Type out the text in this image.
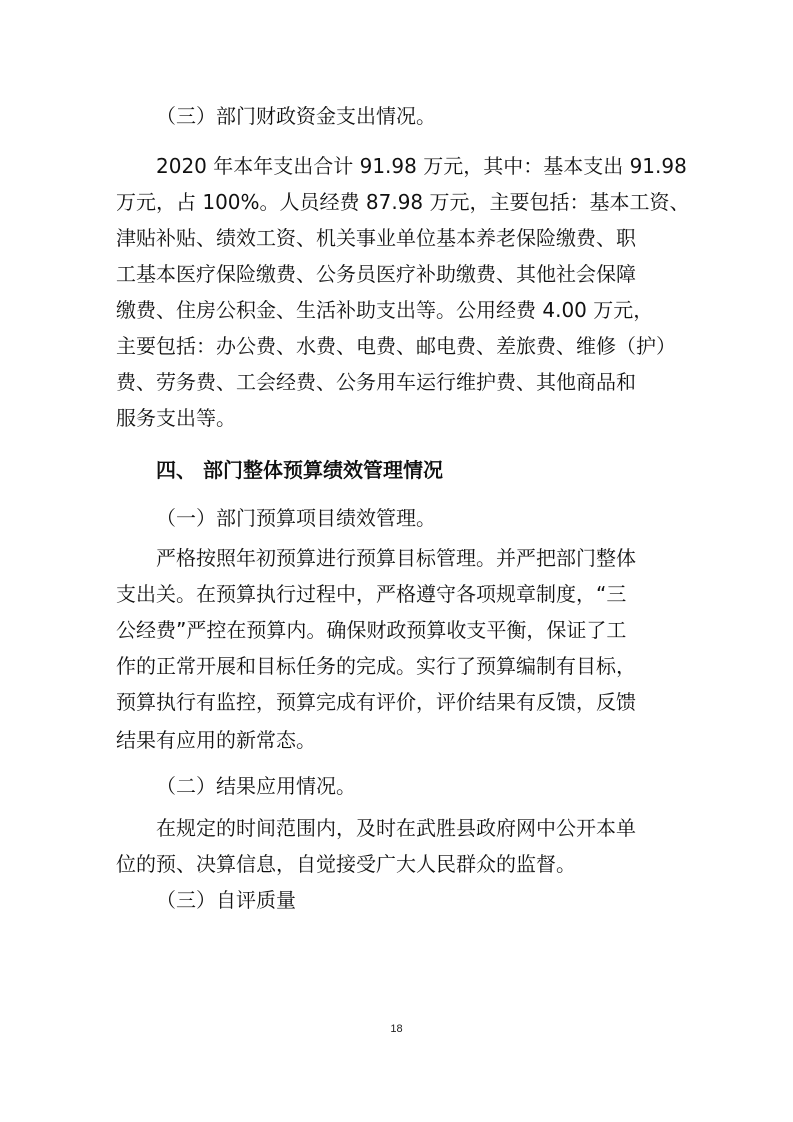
（三）部门财政资金支出情况。

2020 年本年支出合计 91.98 万元，其中：基本支出 91.98

万元，占 100%。人员经费 87.98 万元，主要包括：基本工资、

津贴补贴、绩效工资、机关事业单位基本养老保险缴费、职

工基本医疗保险缴费、公务员医疗补助缴费、其他社会保障

缴费、住房公积金、生活补助支出等。公用经费 4.00 万元，

主要包括：办公费、水费、电费、邮电费、差旅费、维修（护）

费、劳务费、工会经费、公务用车运行维护费、其他商品和

服务支出等。

四、 部门整体预算绩效管理情况

（一）部门预算项目绩效管理。

严格按照年初预算进行预算目标管理。并严把部门整体

支出关。在预算执行过程中，严格遵守各项规章制度，“三

公经费”严控在预算内。确保财政预算收支平衡，保证了工

作的正常开展和目标任务的完成。实行了预算编制有目标，

预算执行有监控，预算完成有评价，评价结果有反馈，反馈

结果有应用的新常态。

（二）结果应用情况。

在规定的时间范围内，及时在武胜县政府网中公开本单

位的预、决算信息，自觉接受广大人民群众的监督。

（三）自评质量

18
